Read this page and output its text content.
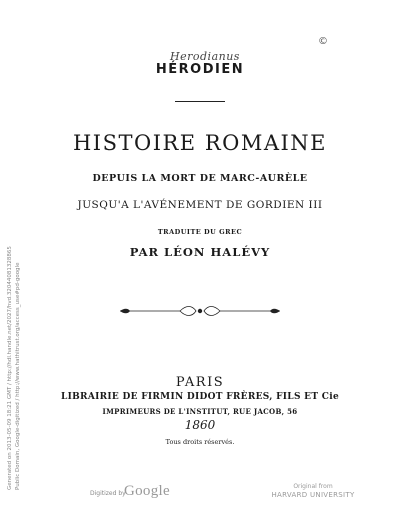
©
Herodianus
HÉRODIEN
HISTOIRE ROMAINE
DEPUIS LA MORT DE MARC-AURÈLE
JUSQU'A L'AVÉNEMENT DE GORDIEN III
TRADUITE DU GREC
PAR LÉON HALÉVY
PARIS
LIBRAIRIE DE FIRMIN DIDOT FRÈRES, FILS ET Cie
IMPRIMEURS DE L'INSTITUT, RUE JACOB, 56
1860
Tous droits réservés.
Generated on 2013-05-09 18:21 GMT / http://hdl.handle.net/2027/hvd.32044081328865 Public Domain, Google-digitized / http://www.hathitrust.org/access_use#pd-google
Digitized by
Google	Original from
HARVARD UNIVERSITY
